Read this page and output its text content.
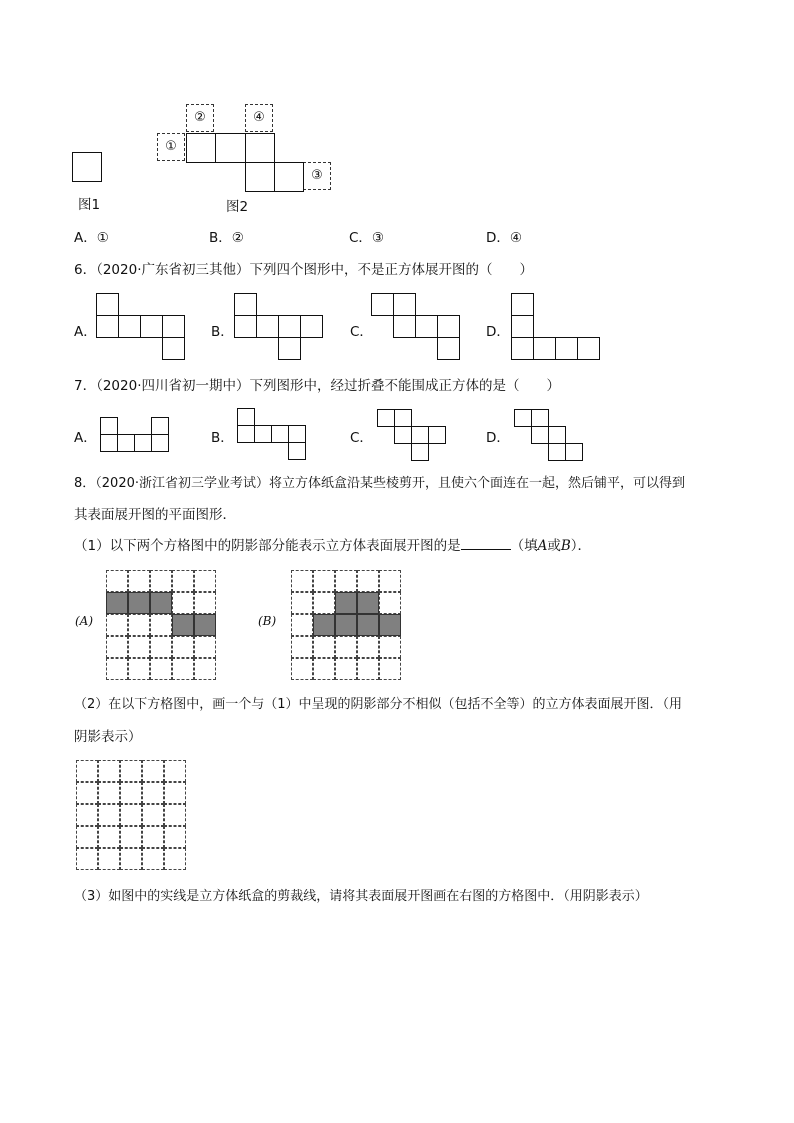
图1
②	④
①
③
图2
A．①	B．②	C．③	D．④
6．（2020·广东省初三其他）下列四个图形中，不是正方体展开图的（　　）
A．	B．	C．	D．
7．（2020·四川省初一期中）下列图形中，经过折叠不能围成正方体的是（　　）
A．	B．	C．	D．
8．（2020·浙江省初三学业考试）将立方体纸盒沿某些棱剪开，且使六个面连在一起，然后铺平，可以得到
其表面展开图的平面图形．
（1）以下两个方格图中的阴影部分能表示立方体表面展开图的是	（填A或B）．
(A)	(B)
（2）在以下方格图中，画一个与（1）中呈现的阴影部分不相似（包括不全等）的立方体表面展开图．（用
阴影表示）
（3）如图中的实线是立方体纸盒的剪裁线，请将其表面展开图画在右图的方格图中．（用阴影表示）
